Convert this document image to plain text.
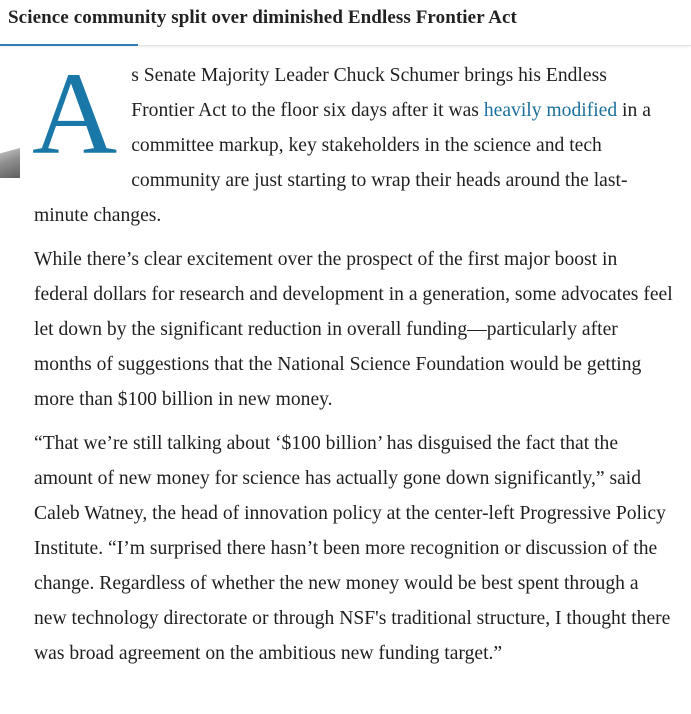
Science community split over diminished Endless Frontier Act

As Senate Majority Leader Chuck Schumer brings his Endless Frontier Act to the floor six days after it was heavily modified in a committee markup, key stakeholders in the science and tech community are just starting to wrap their heads around the last-minute changes.

While there’s clear excitement over the prospect of the first major boost in federal dollars for research and development in a generation, some advocates feel let down by the significant reduction in overall funding—particularly after months of suggestions that the National Science Foundation would be getting more than $100 billion in new money.

“That we’re still talking about ‘$100 billion’ has disguised the fact that the amount of new money for science has actually gone down significantly,” said Caleb Watney, the head of innovation policy at the center-left Progressive Policy Institute. “I’m surprised there hasn’t been more recognition or discussion of the change. Regardless of whether the new money would be best spent through a new technology directorate or through NSF's traditional structure, I thought there was broad agreement on the ambitious new funding target.”
